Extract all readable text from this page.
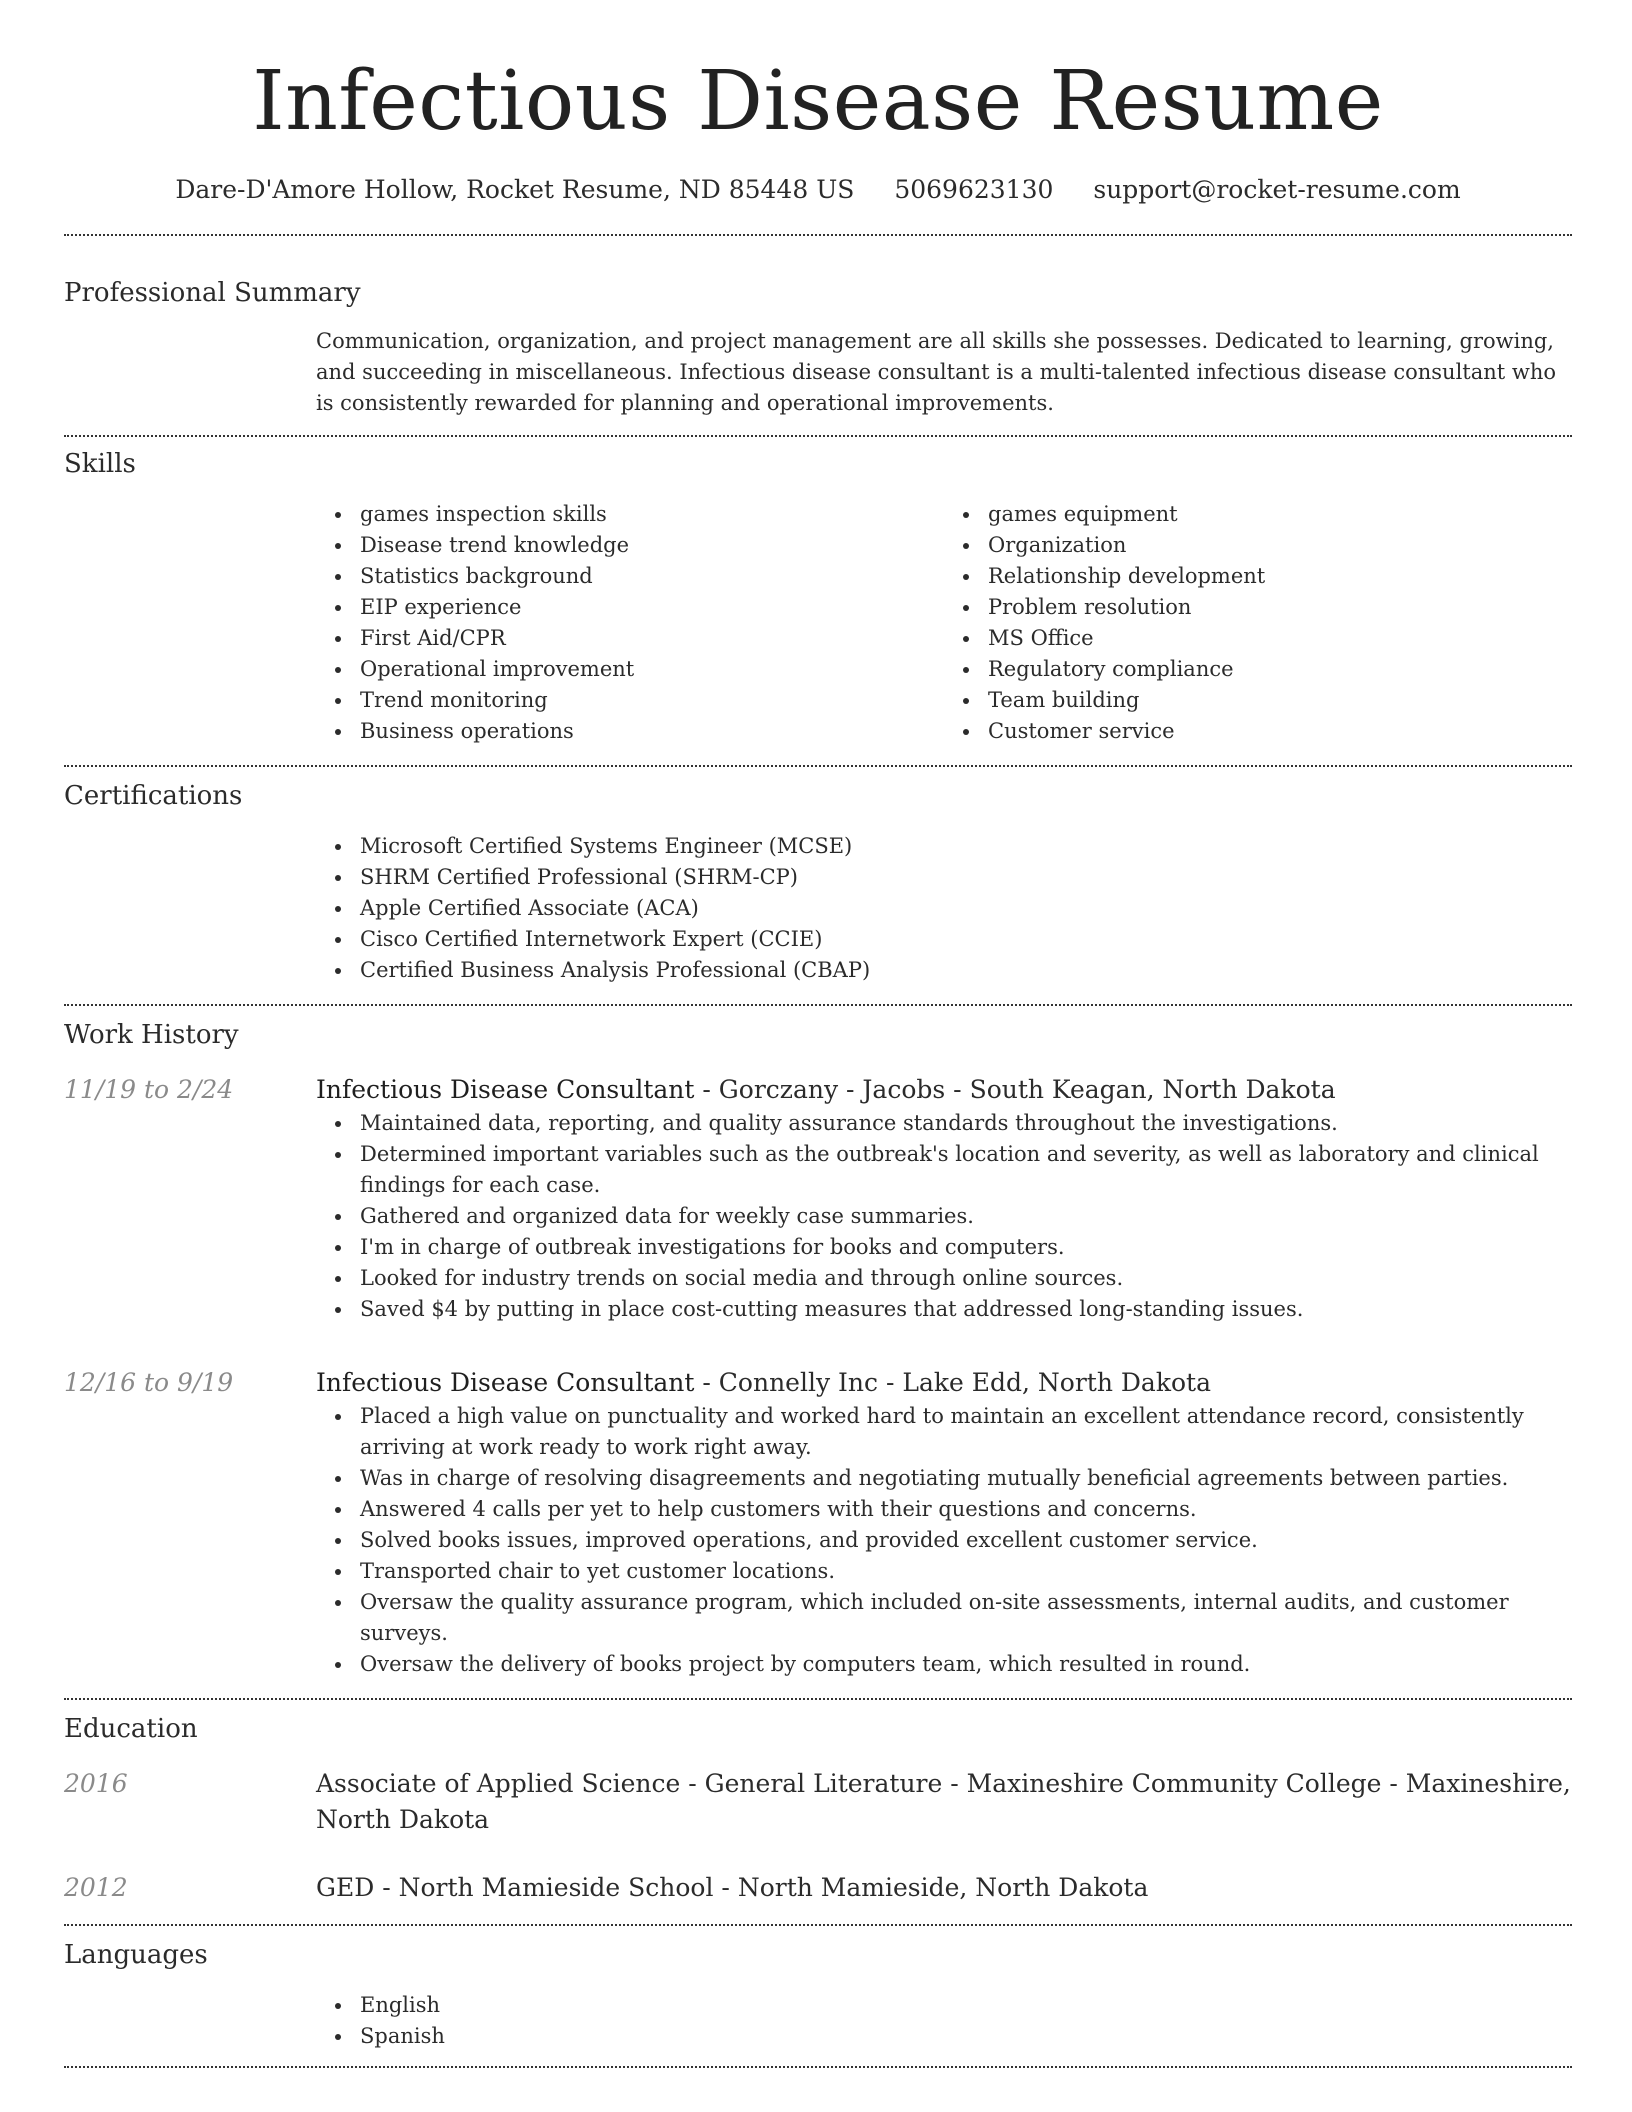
Infectious Disease Resume
Dare-D'Amore Hollow, Rocket Resume, ND 85448 US 5069623130 support@rocket-resume.com
Professional Summary

Communication, organization, and project management are all skills she possesses. Dedicated to learning, growing, and succeeding in miscellaneous. Infectious disease consultant is a multi-talented infectious disease consultant who is consistently rewarded for planning and operational improvements.

Skills
games inspection skills
Disease trend knowledge
Statistics background
EIP experience
First Aid/CPR
Operational improvement
Trend monitoring
Business operations
games equipment
Organization
Relationship development
Problem resolution
MS Office
Regulatory compliance
Team building
Customer service
Certifications
Microsoft Certified Systems Engineer (MCSE)
SHRM Certified Professional (SHRM-CP)
Apple Certified Associate (ACA)
Cisco Certified Internetwork Expert (CCIE)
Certified Business Analysis Professional (CBAP)
Work History
11/19 to 2/24	Infectious Disease Consultant - Gorczany - Jacobs - South Keagan, North Dakota
Maintained data, reporting, and quality assurance standards throughout the investigations.
Determined important variables such as the outbreak's location and severity, as well as laboratory and clinical findings for each case.
Gathered and organized data for weekly case summaries.
I'm in charge of outbreak investigations for books and computers.
Looked for industry trends on social media and through online sources.
Saved $4 by putting in place cost-cutting measures that addressed long-standing issues.
12/16 to 9/19	Infectious Disease Consultant - Connelly Inc - Lake Edd, North Dakota
Placed a high value on punctuality and worked hard to maintain an excellent attendance record, consistently arriving at work ready to work right away.
Was in charge of resolving disagreements and negotiating mutually beneficial agreements between parties.
Answered 4 calls per yet to help customers with their questions and concerns.
Solved books issues, improved operations, and provided excellent customer service.
Transported chair to yet customer locations.
Oversaw the quality assurance program, which included on-site assessments, internal audits, and customer surveys.
Oversaw the delivery of books project by computers team, which resulted in round.
Education
2016	Associate of Applied Science - General Literature - Maxineshire Community College - Maxineshire, North Dakota
2012	GED - North Mamieside School - North Mamieside, North Dakota
Languages
English
Spanish
